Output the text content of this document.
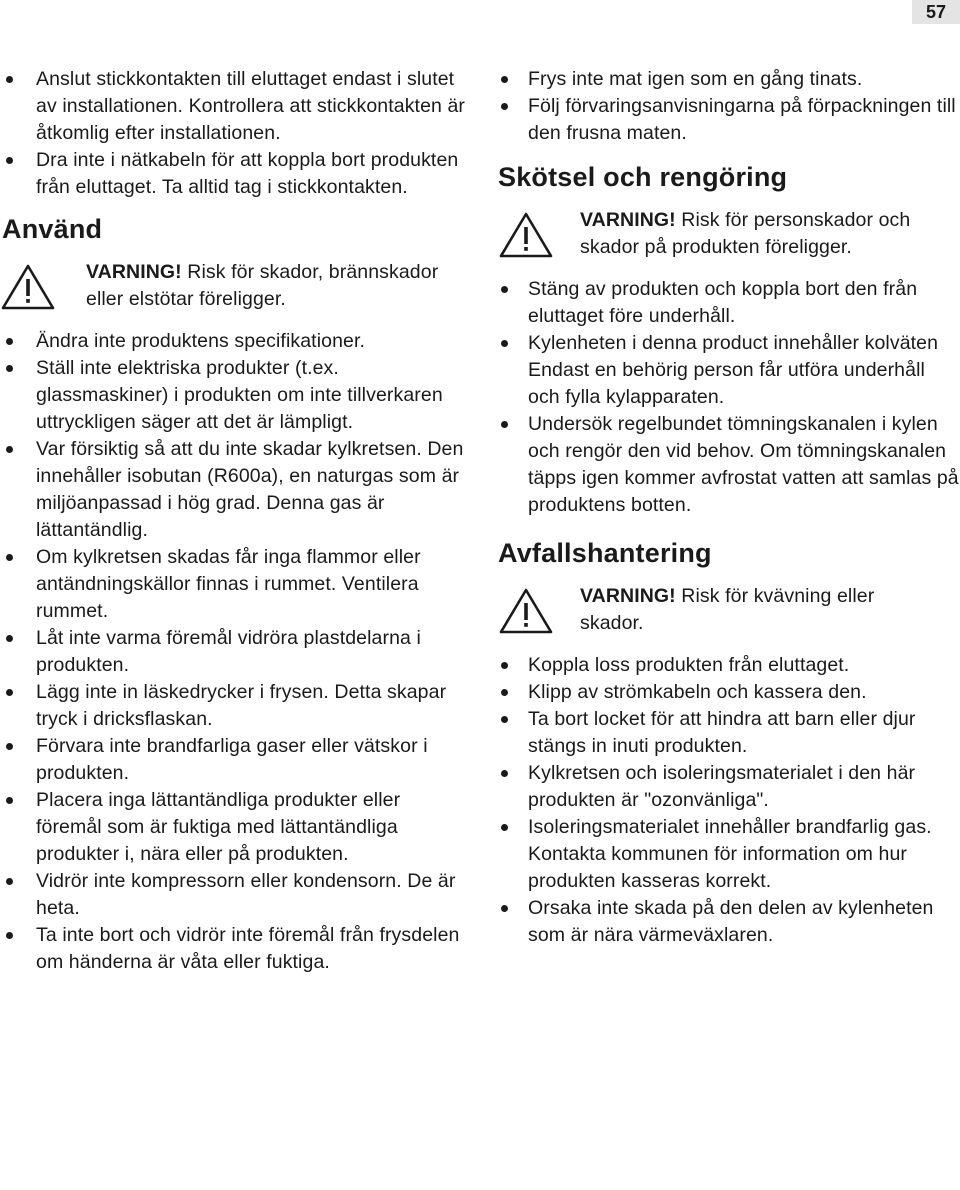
57
Anslut stickkontakten till eluttaget endast i slutet av installationen. Kontrollera att stickkontakten är åtkomlig efter installationen.
Dra inte i nätkabeln för att koppla bort produkten från eluttaget. Ta alltid tag i stickkontakten.
Använd
VARNING! Risk för skador, brännskador eller elstötar föreligger.
Ändra inte produktens specifikationer.
Ställ inte elektriska produkter (t.ex. glassmaskiner) i produkten om inte tillverkaren uttryckligen säger att det är lämpligt.
Var försiktig så att du inte skadar kylkretsen. Den innehåller isobutan (R600a), en naturgas som är miljöanpassad i hög grad. Denna gas är lättantändlig.
Om kylkretsen skadas får inga flammor eller antändningskällor finnas i rummet. Ventilera rummet.
Låt inte varma föremål vidröra plastdelarna i produkten.
Lägg inte in läskedrycker i frysen. Detta skapar tryck i dricksflaskan.
Förvara inte brandfarliga gaser eller vätskor i produkten.
Placera inga lättantändliga produkter eller föremål som är fuktiga med lättantändliga produkter i, nära eller på produkten.
Vidrör inte kompressorn eller kondensorn. De är heta.
Ta inte bort och vidrör inte föremål från frysdelen om händerna är våta eller fuktiga.
Frys inte mat igen som en gång tinats.
Följ förvaringsanvisningarna på förpackningen till den frusna maten.
Skötsel och rengöring
VARNING! Risk för personskador och skador på produkten föreligger.
Stäng av produkten och koppla bort den från eluttaget före underhåll.
Kylenheten i denna product innehåller kolväten Endast en behörig person får utföra underhåll och fylla kylapparaten.
Undersök regelbundet tömningskanalen i kylen och rengör den vid behov. Om tömningskanalen täpps igen kommer avfrostat vatten att samlas på produktens botten.
Avfallshantering
VARNING! Risk för kvävning eller skador.
Koppla loss produkten från eluttaget.
Klipp av strömkabeln och kassera den.
Ta bort locket för att hindra att barn eller djur stängs in inuti produkten.
Kylkretsen och isoleringsmaterialet i den här produkten är "ozonvänliga".
Isoleringsmaterialet innehåller brandfarlig gas. Kontakta kommunen för information om hur produkten kasseras korrekt.
Orsaka inte skada på den delen av kylenheten som är nära värmeväxlaren.
